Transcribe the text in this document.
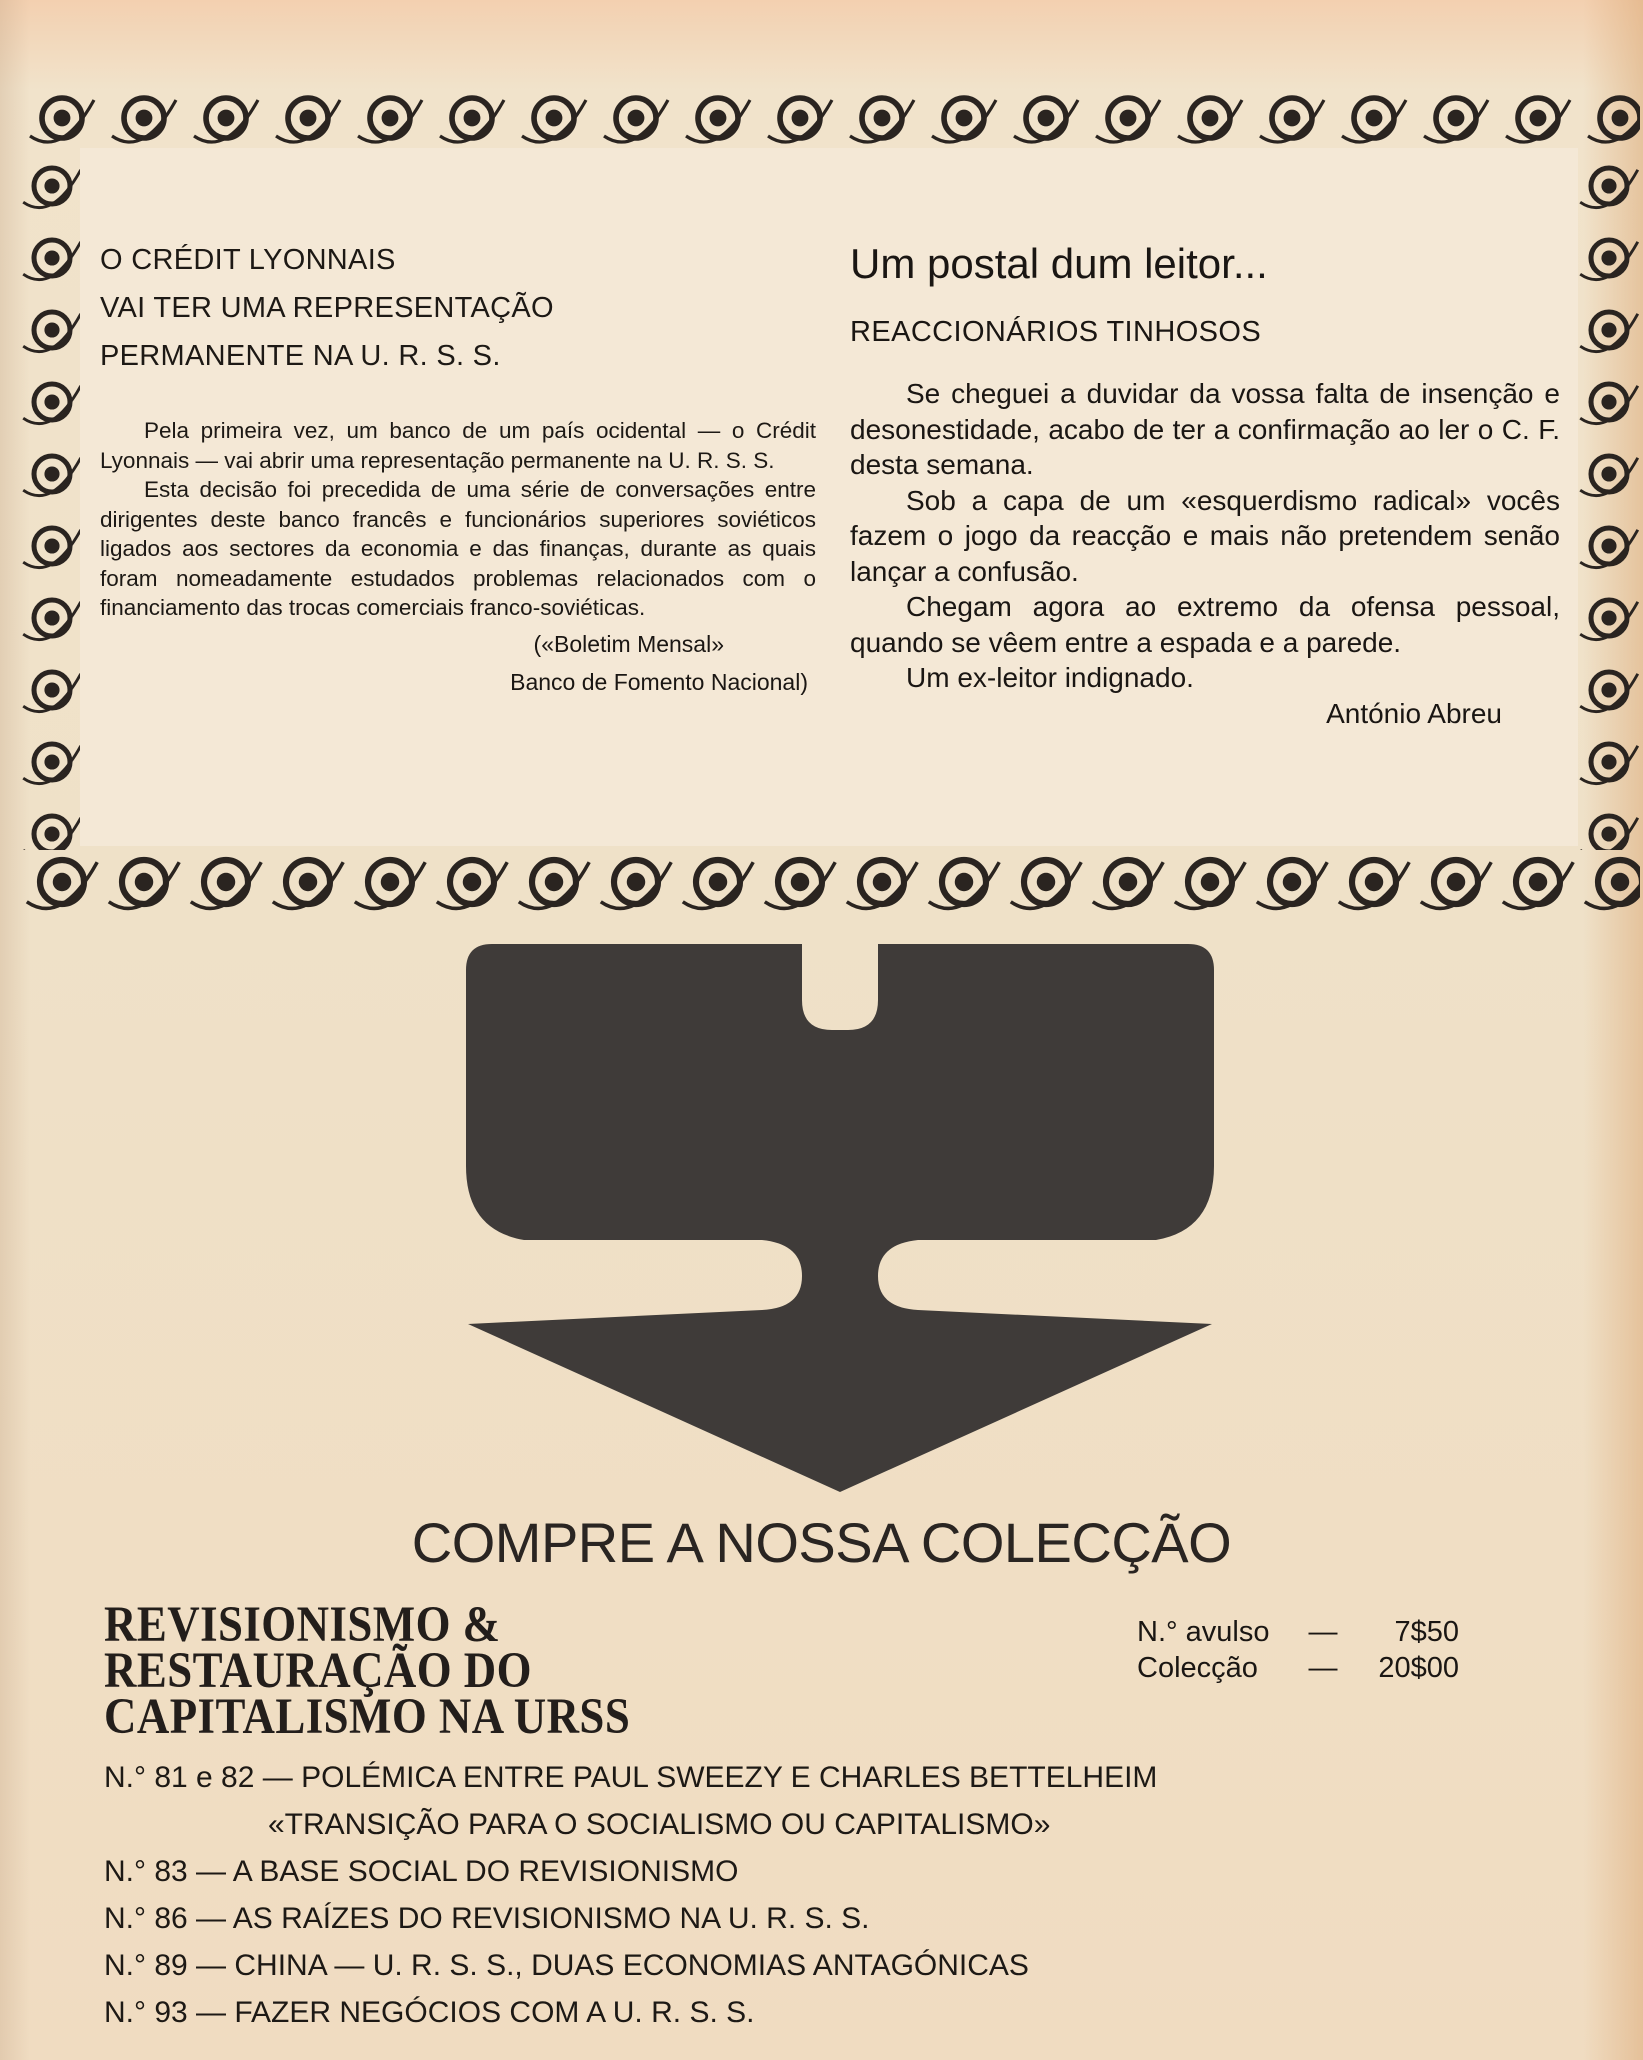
O CRÉDIT LYONNAIS
VAI TER UMA REPRESENTAÇÃO
PERMANENTE NA U. R. S. S.

Pela primeira vez, um banco de um país ocidental — o Crédit Lyonnais — vai abrir uma representação permanente na U. R. S. S.

Esta decisão foi precedida de uma série de conversações entre dirigentes deste banco francês e funcionários superiores soviéticos ligados aos sectores da economia e das finanças, durante as quais foram nomeadamente estudados problemas relacionados com o financiamento das trocas comerciais franco-soviéticas.

(«Boletim Mensal»
Banco de Fomento Nacional)
Um postal dum leitor...
REACCIONÁRIOS TINHOSOS

Se cheguei a duvidar da vossa falta de insenção e desonestidade, acabo de ter a confirmação ao ler o C. F. desta semana.

Sob a capa de um «esquerdismo radical» vocês fazem o jogo da reacção e mais não pretendem senão lançar a confusão.

Chegam agora ao extremo da ofensa pessoal, quando se vêem entre a espada e a parede.

Um ex-leitor indignado.

António Abreu
COMPRE A NOSSA COLECÇÃO
REVISIONISMO &
RESTAURAÇÃO DO
CAPITALISMO NA URSS
N.° avulso	—	7$50
Colecção	—	20$00
N.° 81 e 82 — POLÉMICA ENTRE PAUL SWEEZY E CHARLES BETTELHEIM
«TRANSIÇÃO PARA O SOCIALISMO OU CAPITALISMO»
N.° 83 — A BASE SOCIAL DO REVISIONISMO
N.° 86 — AS RAÍZES DO REVISIONISMO NA U. R. S. S.
N.° 89 — CHINA — U. R. S. S., DUAS ECONOMIAS ANTAGÓNICAS
N.° 93 — FAZER NEGÓCIOS COM A U. R. S. S.
